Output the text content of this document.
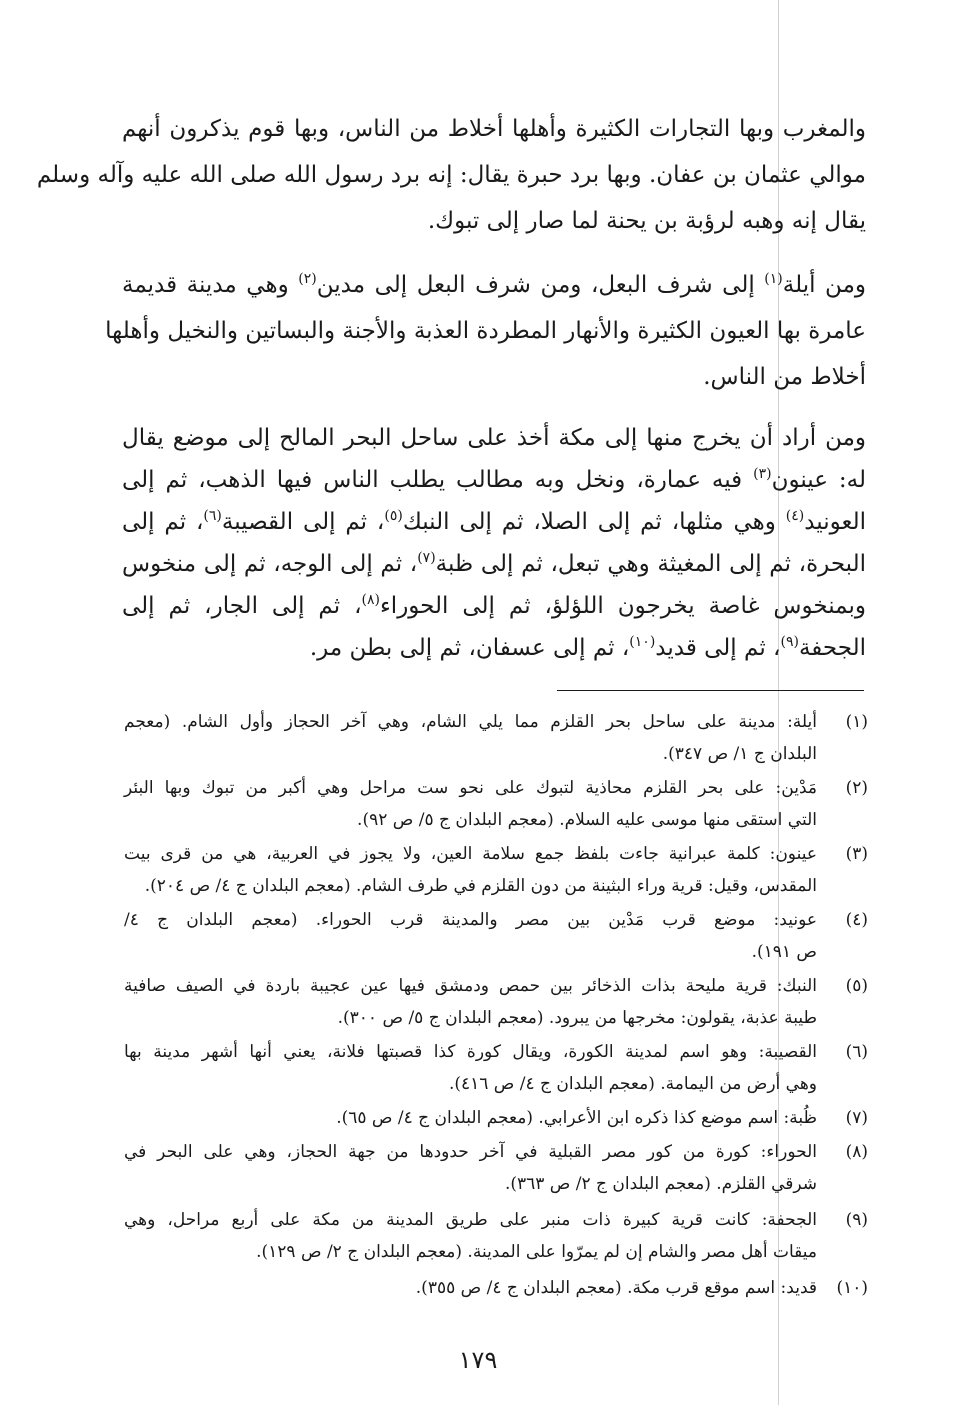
والمغرب وبها التجارات الكثيرة وأهلها أخلاط من الناس، وبها قوم يذكرون أنهم
موالي عثمان بن عفان. وبها برد حبرة يقال: إنه برد رسول الله صلى الله عليه وآله وسلم
يقال إنه وهبه لرؤبة بن يحنة لما صار إلى تبوك.
ومن أيلة$^{(١)}$ إلى شرف البعل، ومن شرف البعل إلى مدين$^{(٢)}$ وهي مدينة قديمة
عامرة بها العيون الكثيرة والأنهار المطردة العذبة والأجنة والبساتين والنخيل وأهلها
أخلاط من الناس.
ومن أراد أن يخرج منها إلى مكة أخذ على ساحل البحر المالح إلى موضع يقال
له: عينون$^{(٣)}$ فيه عمارة، ونخل وبه مطالب يطلب الناس فيها الذهب، ثم إلى
العونيد$^{(٤)}$ وهي مثلها، ثم إلى الصلا، ثم إلى النبك$^{(٥)}$، ثم إلى القصيبة$^{(٦)}$، ثم إلى
البحرة، ثم إلى المغيثة وهي تبعل، ثم إلى ظبة$^{(٧)}$، ثم إلى الوجه، ثم إلى منخوس
وبمنخوس غاصة يخرجون اللؤلؤ، ثم إلى الحوراء$^{(٨)}$، ثم إلى الجار، ثم إلى
الجحفة$^{(٩)}$، ثم إلى قديد$^{(١٠)}$، ثم إلى عسفان، ثم إلى بطن مر.
(١)
أيلة: مدينة على ساحل بحر القلزم مما يلي الشام، وهي آخر الحجاز وأول الشام. (معجم
البلدان ج ١/ ص ٣٤٧).
(٢)
مَدْين: على بحر القلزم محاذية لتبوك على نحو ست مراحل وهي أكبر من تبوك وبها البئر
التي استقى منها موسى عليه السلام. (معجم البلدان ج ٥/ ص ٩٢).
(٣)
عينون: كلمة عبرانية جاءت بلفظ جمع سلامة العين، ولا يجوز في العربية، هي من قرى بيت
المقدس، وقيل: قرية وراء البثينة من دون القلزم في طرف الشام. (معجم البلدان ج ٤/ ص ٢٠٤).
(٤)
عونيد: موضع قرب مَدْين بين مصر والمدينة قرب الحوراء. (معجم البلدان ج ٤/
ص ١٩١).
(٥)
النبك: قرية مليحة بذات الذخائر بين حمص ودمشق فيها عين عجيبة باردة في الصيف صافية
طيبة عذبة، يقولون: مخرجها من يبرود. (معجم البلدان ج ٥/ ص ٣٠٠).
(٦)
القصيبة: وهو اسم لمدينة الكورة، ويقال كورة كذا قصبتها فلانة، يعني أنها أشهر مدينة بها
وهي أرض من اليمامة. (معجم البلدان ج ٤/ ص ٤١٦).
(٧)
ظُبة: اسم موضع كذا ذكره ابن الأعرابي. (معجم البلدان ج ٤/ ص ٦٥).
(٨)
الحوراء: كورة من كور مصر القبلية في آخر حدودها من جهة الحجاز، وهي على البحر في
شرقي القلزم. (معجم البلدان ج ٢/ ص ٣٦٣).
(٩)
الجحفة: كانت قرية كبيرة ذات منبر على طريق المدينة من مكة على أربع مراحل، وهي
ميقات أهل مصر والشام إن لم يمرّوا على المدينة. (معجم البلدان ج ٢/ ص ١٢٩).
(١٠)
قديد: اسم موقع قرب مكة. (معجم البلدان ج ٤/ ص ٣٥٥).
١٧٩
